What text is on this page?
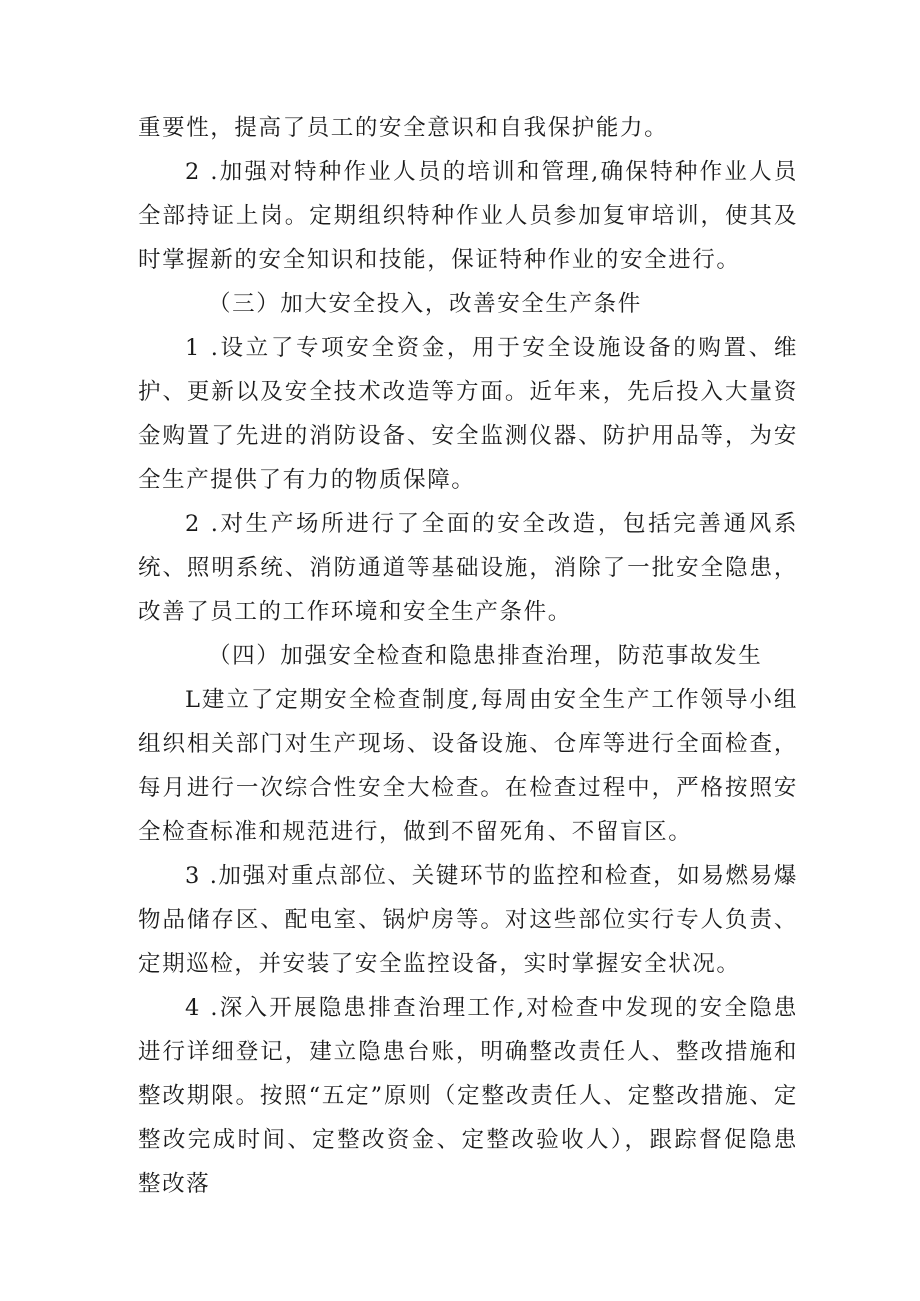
重要性，提高了员工的安全意识和自我保护能力。

2 .加强对特种作业人员的培训和管理,确保特种作业人员全部持证上岗。定期组织特种作业人员参加复审培训，使其及时掌握新的安全知识和技能，保证特种作业的安全进行。

（三）加大安全投入，改善安全生产条件

1 .设立了专项安全资金，用于安全设施设备的购置、维护、更新以及安全技术改造等方面。近年来，先后投入大量资金购置了先进的消防设备、安全监测仪器、防护用品等，为安全生产提供了有力的物质保障。

2 .对生产场所进行了全面的安全改造，包括完善通风系统、照明系统、消防通道等基础设施，消除了一批安全隐患，改善了员工的工作环境和安全生产条件。

（四）加强安全检查和隐患排查治理，防范事故发生

L建立了定期安全检查制度,每周由安全生产工作领导小组组织相关部门对生产现场、设备设施、仓库等进行全面检查，每月进行一次综合性安全大检查。在检查过程中，严格按照安全检查标准和规范进行，做到不留死角、不留盲区。

3 .加强对重点部位、关键环节的监控和检查，如易燃易爆物品储存区、配电室、锅炉房等。对这些部位实行专人负责、定期巡检，并安装了安全监控设备，实时掌握安全状况。

4 .深入开展隐患排查治理工作,对检查中发现的安全隐患进行详细登记，建立隐患台账，明确整改责任人、整改措施和整改期限。按照“五定”原则（定整改责任人、定整改措施、定整改完成时间、定整改资金、定整改验收人），跟踪督促隐患整改落
